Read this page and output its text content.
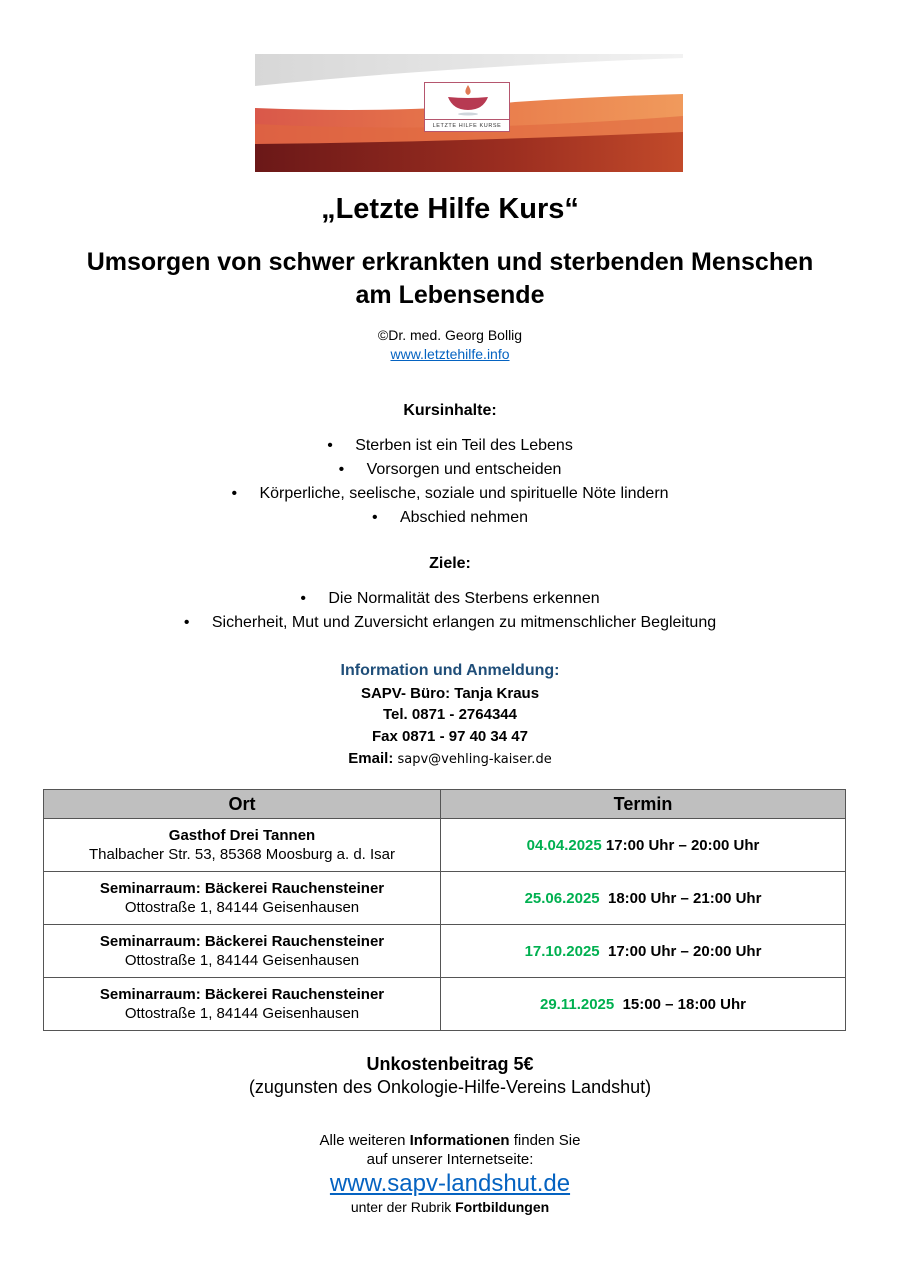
LETZTE HILFE KURSE
„Letzte Hilfe Kurs“
Umsorgen von schwer erkrankten und sterbenden Menschen
am Lebensende
©Dr. med. Georg Bollig
www.letztehilfe.info
Kursinhalte:
• Sterben ist ein Teil des Lebens
• Vorsorgen und entscheiden
• Körperliche, seelische, soziale und spirituelle Nöte lindern
• Abschied nehmen
Ziele:
• Die Normalität des Sterbens erkennen
• Sicherheit, Mut und Zuversicht erlangen zu mitmenschlicher Begleitung
Information und Anmeldung:
SAPV- Büro: Tanja Kraus
Tel. 0871 - 2764344
Fax 0871 - 97 40 34 47
Email: sapv@vehling-kaiser.de
Ort	Termin

Gasthof Drei Tannen
Thalbacher Str. 53, 85368 Moosburg a. d. Isar	04.04.2025 17:00 Uhr – 20:00 Uhr

Seminarraum: Bäckerei Rauchensteiner
Ottostraße 1, 84144 Geisenhausen	25.06.2025 18:00 Uhr – 21:00 Uhr

Seminarraum: Bäckerei Rauchensteiner
Ottostraße 1, 84144 Geisenhausen	17.10.2025 17:00 Uhr – 20:00 Uhr

Seminarraum: Bäckerei Rauchensteiner
Ottostraße 1, 84144 Geisenhausen	29.11.2025 15:00 – 18:00 Uhr
Unkostenbeitrag 5€
(zugunsten des Onkologie-Hilfe-Vereins Landshut)
Alle weiteren Informationen finden Sie
auf unserer Internetseite:
www.sapv-landshut.de
unter der Rubrik Fortbildungen
